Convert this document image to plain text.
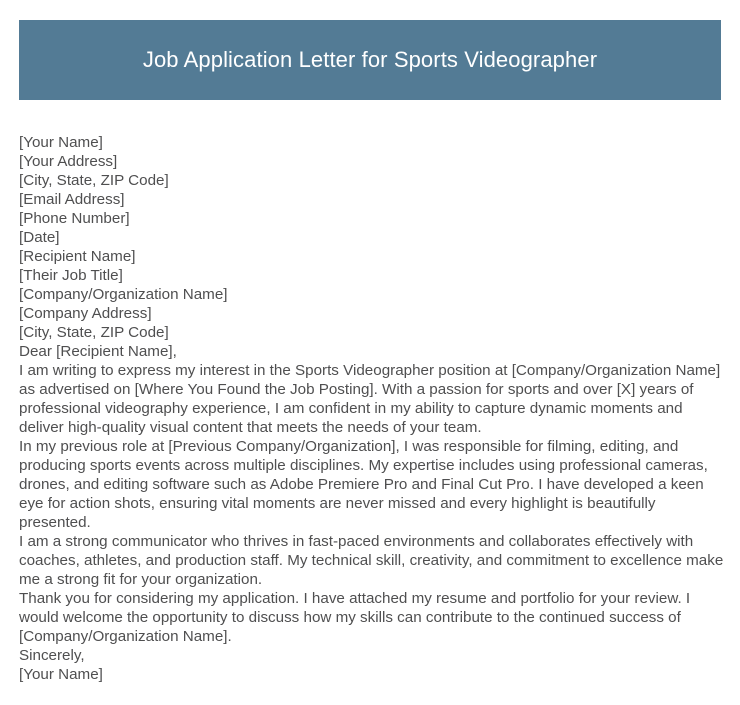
Job Application Letter for Sports Videographer
[Your Name]
[Your Address]
[City, State, ZIP Code]
[Email Address]
[Phone Number]
[Date]
[Recipient Name]
[Their Job Title]
[Company/Organization Name]
[Company Address]
[City, State, ZIP Code]
Dear [Recipient Name],

I am writing to express my interest in the Sports Videographer position at [Company/Organization Name] as advertised on [Where You Found the Job Posting]. With a passion for sports and over [X] years of professional videography experience, I am confident in my ability to capture dynamic moments and deliver high-quality visual content that meets the needs of your team.

In my previous role at [Previous Company/Organization], I was responsible for filming, editing, and producing sports events across multiple disciplines. My expertise includes using professional cameras, drones, and editing software such as Adobe Premiere Pro and Final Cut Pro. I have developed a keen eye for action shots, ensuring vital moments are never missed and every highlight is beautifully presented.

I am a strong communicator who thrives in fast-paced environments and collaborates effectively with coaches, athletes, and production staff. My technical skill, creativity, and commitment to excellence make me a strong fit for your organization.

Thank you for considering my application. I have attached my resume and portfolio for your review. I would welcome the opportunity to discuss how my skills can contribute to the continued success of [Company/Organization Name].

Sincerely,
[Your Name]
